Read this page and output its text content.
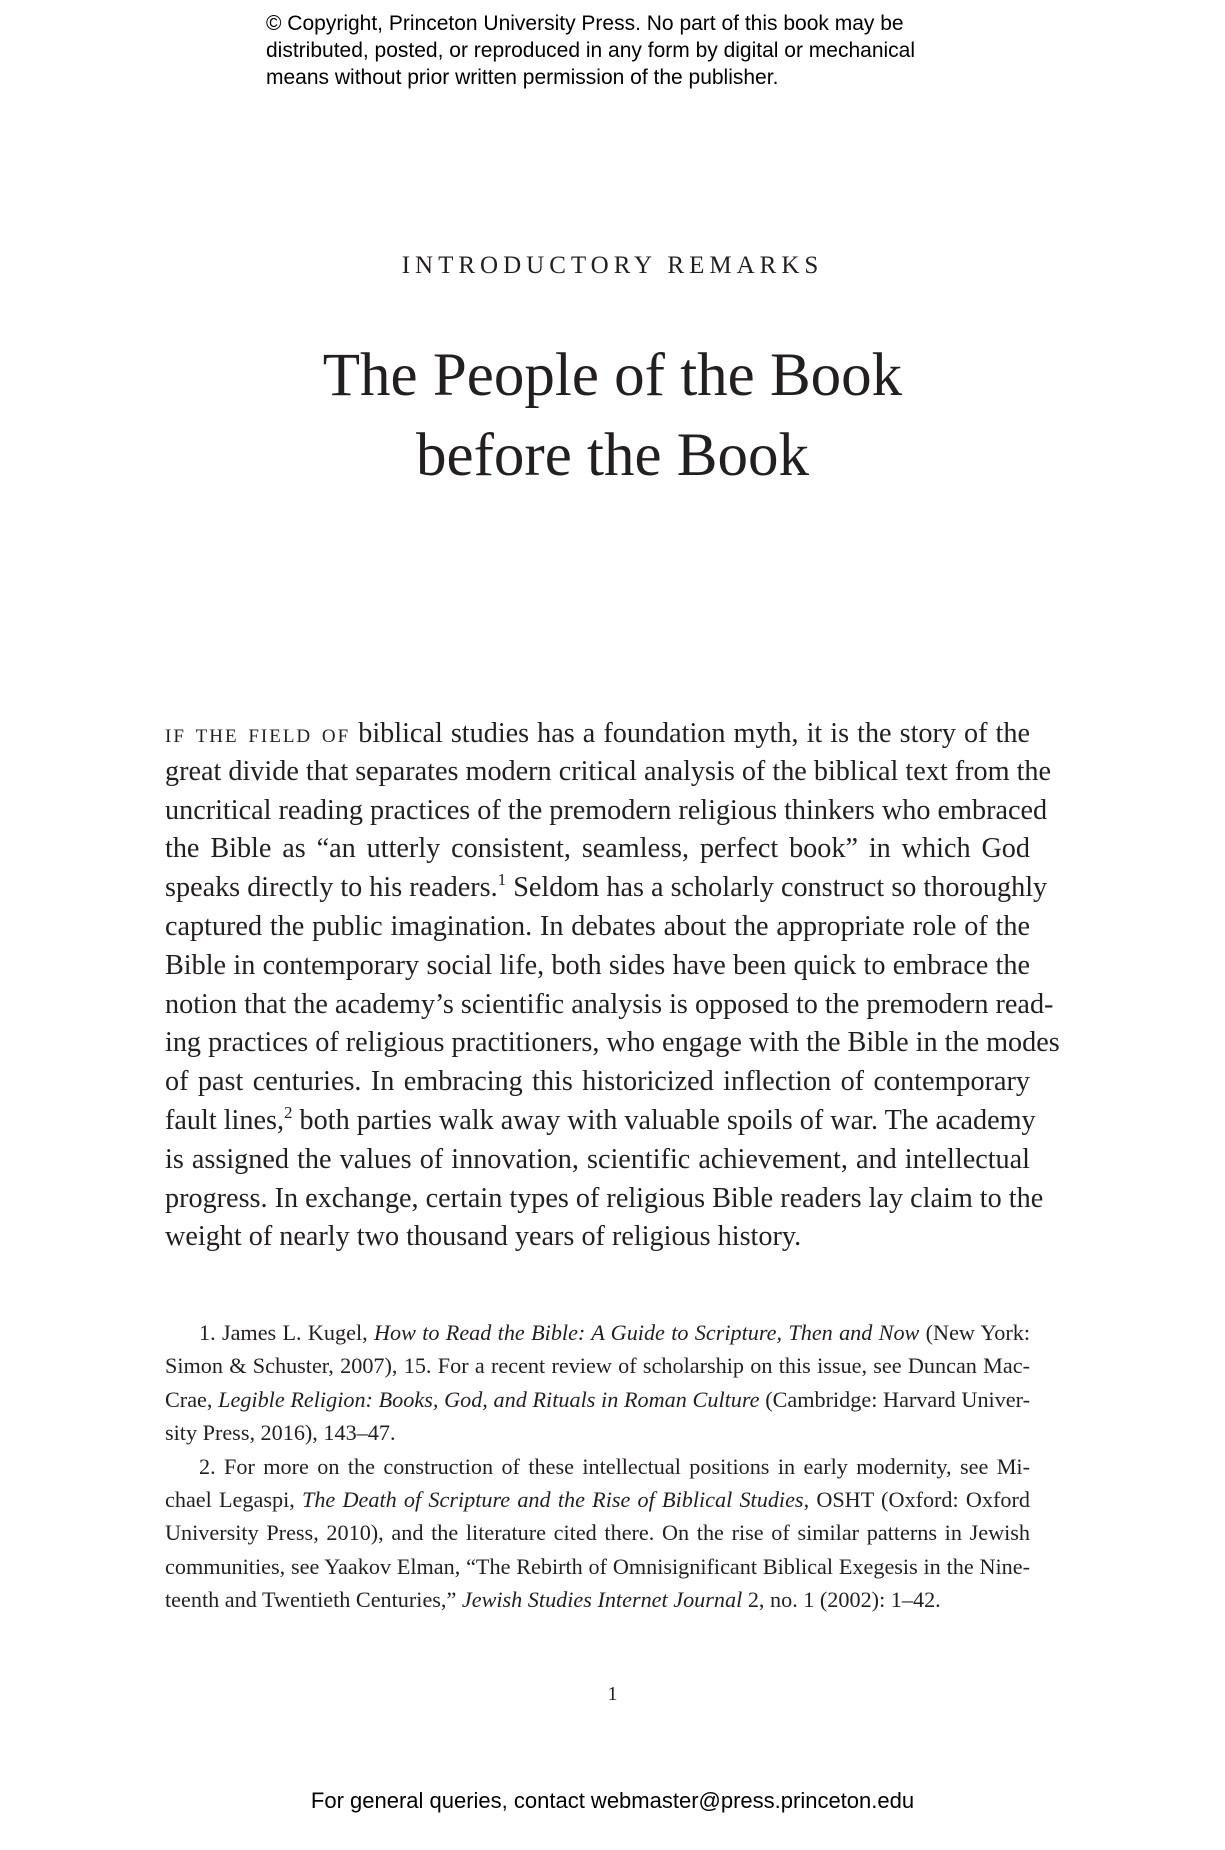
© Copyright, Princeton University Press. No part of this book may be
distributed, posted, or reproduced in any form by digital or mechanical
means without prior written permission of the publisher.
INTRODUCTORY REMARKS
The People of the Book
before the Book
if the field of biblical studies has a foundation myth, it is the story of the
great divide that separates modern critical analysis of the biblical text from the
uncritical reading practices of the premodern religious thinkers who embraced
the Bible as “an utterly consistent, seamless, perfect book” in which God
speaks directly to his readers.$^1$ Seldom has a scholarly construct so thoroughly
captured the public imagination. In debates about the appropriate role of the
Bible in contemporary social life, both sides have been quick to embrace the
notion that the academy’s scientific analysis is opposed to the premodern read-
ing practices of religious practitioners, who engage with the Bible in the modes
of past centuries. In embracing this historicized inflection of contemporary
fault lines,$^2$ both parties walk away with valuable spoils of war. The academy
is assigned the values of innovation, scientific achievement, and intellectual
progress. In exchange, certain types of religious Bible readers lay claim to the
weight of nearly two thousand years of religious history.
1. James L. Kugel, How to Read the Bible: A Guide to Scripture, Then and Now (New York:
Simon & Schuster, 2007), 15. For a recent review of scholarship on this issue, see Duncan Mac-
Crae, Legible Religion: Books, God, and Rituals in Roman Culture (Cambridge: Harvard Univer-
sity Press, 2016), 143–47.
2. For more on the construction of these intellectual positions in early modernity, see Mi-
chael Legaspi, The Death of Scripture and the Rise of Biblical Studies, OSHT (Oxford: Oxford
University Press, 2010), and the literature cited there. On the rise of similar patterns in Jewish
communities, see Yaakov Elman, “The Rebirth of Omnisignificant Biblical Exegesis in the Nine-
teenth and Twentieth Centuries,” Jewish Studies Internet Journal 2, no. 1 (2002): 1–42.
1
For general queries, contact webmaster@press.princeton.edu
